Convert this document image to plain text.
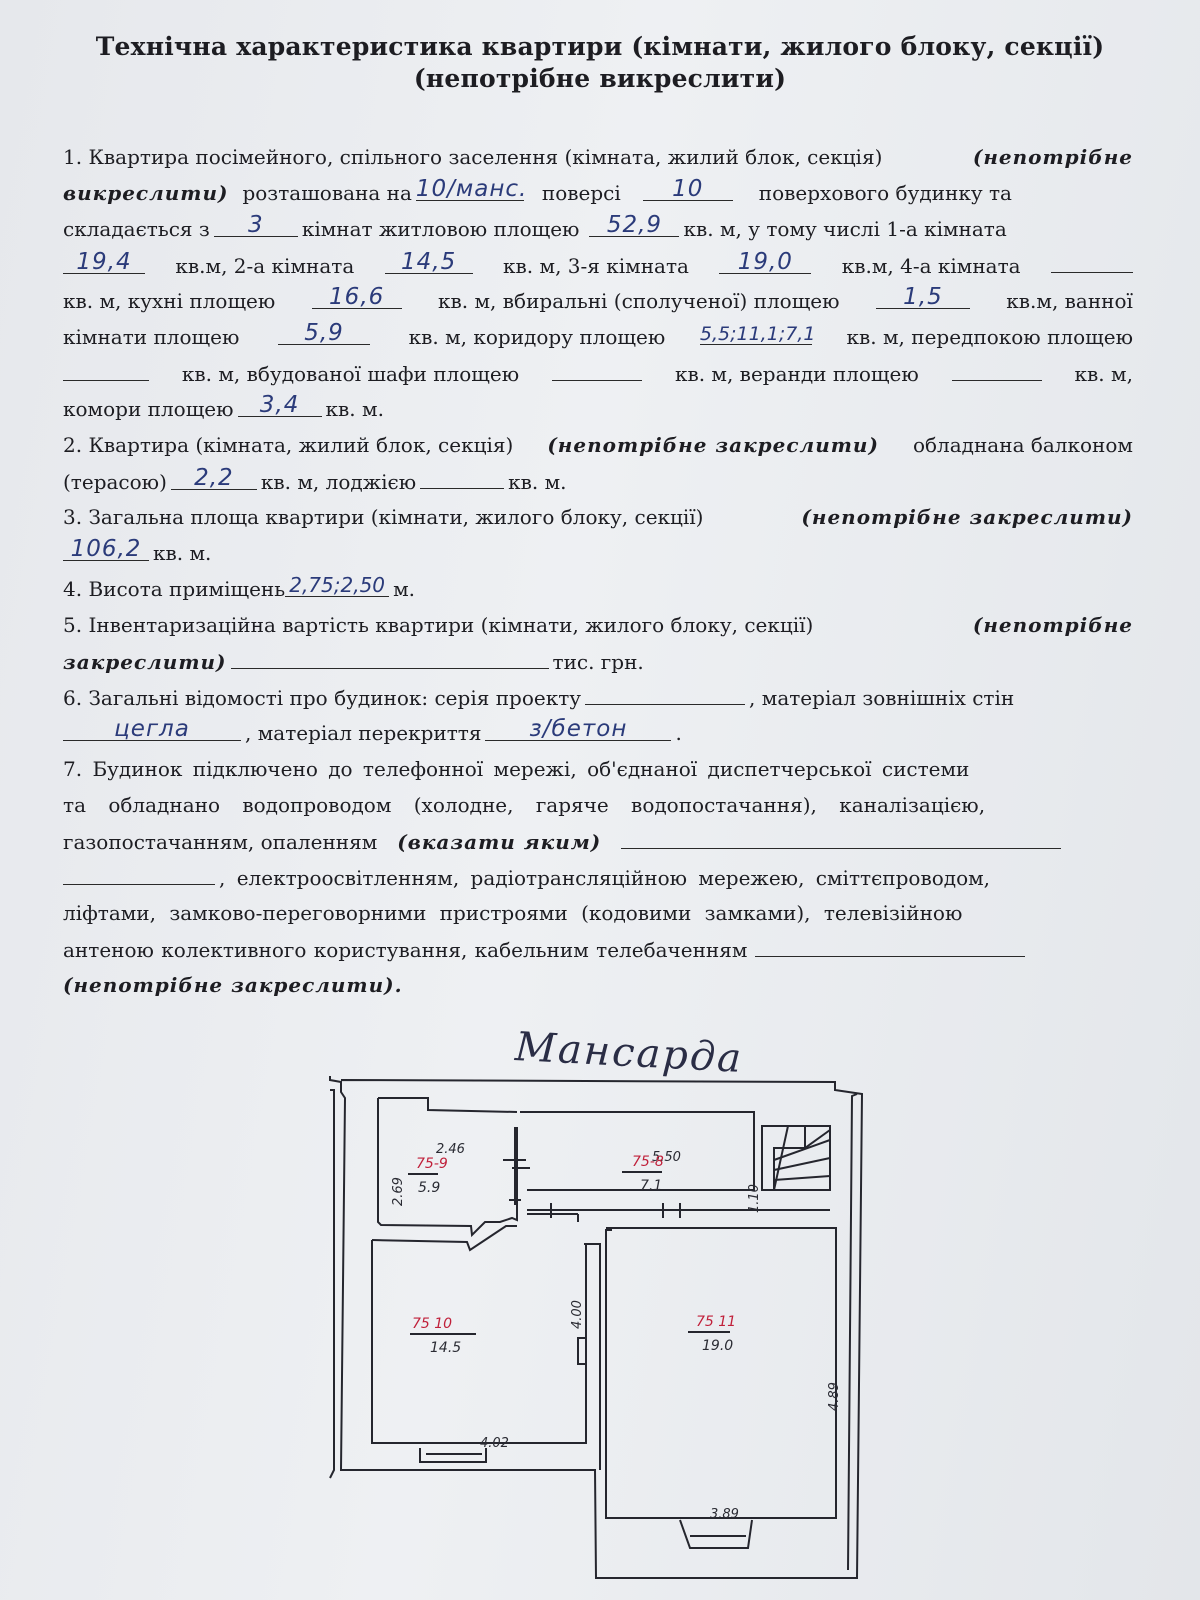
Технічна характеристика квартири (кімнати, жилого блоку, секції)
(непотрібне викреслити)
1. Квартира посімейного, спільного заселення (кімната, жилий блок, секція)	(непотрібне
викреслити) розташована на 10/манс. поверсі	10	поверхового будинку та
складається з	3	кімнат житловою площею	52,9	кв. м, у тому числі 1-а кімната
19,4	кв.м, 2-а кімната	14,5	кв. м, 3-я кімната	19,0	кв.м, 4-а кімната
кв. м, кухні площею	16,6	кв. м, вбиральні (сполученої) площею	1,5	кв.м, ванної
кімнати площею	5,9	кв. м, коридору площею 5,5;11,1;7,1 кв. м, передпокою площею
кв. м, вбудованої шафи площею	кв. м, веранди площею	кв. м,
комори площею	3,4	кв. м.
2. Квартира (кімната, жилий блок, секція) (непотрібне закреслити) обладнана балконом
(терасою)	2,2	кв. м, лоджією	кв. м.
3. Загальна площа квартири (кімнати, жилого блоку, секції)	(непотрібне закреслити)
106,2 кв. м.
4. Висота приміщень 2,75;2,50 м.
5. Інвентаризаційна вартість квартири (кімнати, жилого блоку, секції)	(непотрібне
закреслити)	тис. грн.
6. Загальні відомості про будинок: серія проекту	, матеріал зовнішніх стін
цегла	, матеріал перекриття	з/бетон	.
7. Будинок підключено до телефонної мережі, об'єднаної диспетчерської системи
та обладнано водопроводом (холодне, гаряче водопостачання), каналізацією,
газопостачанням, опаленням (вказати яким)
, електроосвітленням, радіотрансляційною мережею, сміттєпроводом,
ліфтами, замково-переговорними пристроями (кодовими замками), телевізійною
антеною колективного користування, кабельним телебаченням
(непотрібне закреслити).
Мансарда
2.46
5.50
2.69	1.10
4.00
4.89
4.02
3.89
75-9
5.9
75-8
7.1
75 10
14.5
75 11
19.0
